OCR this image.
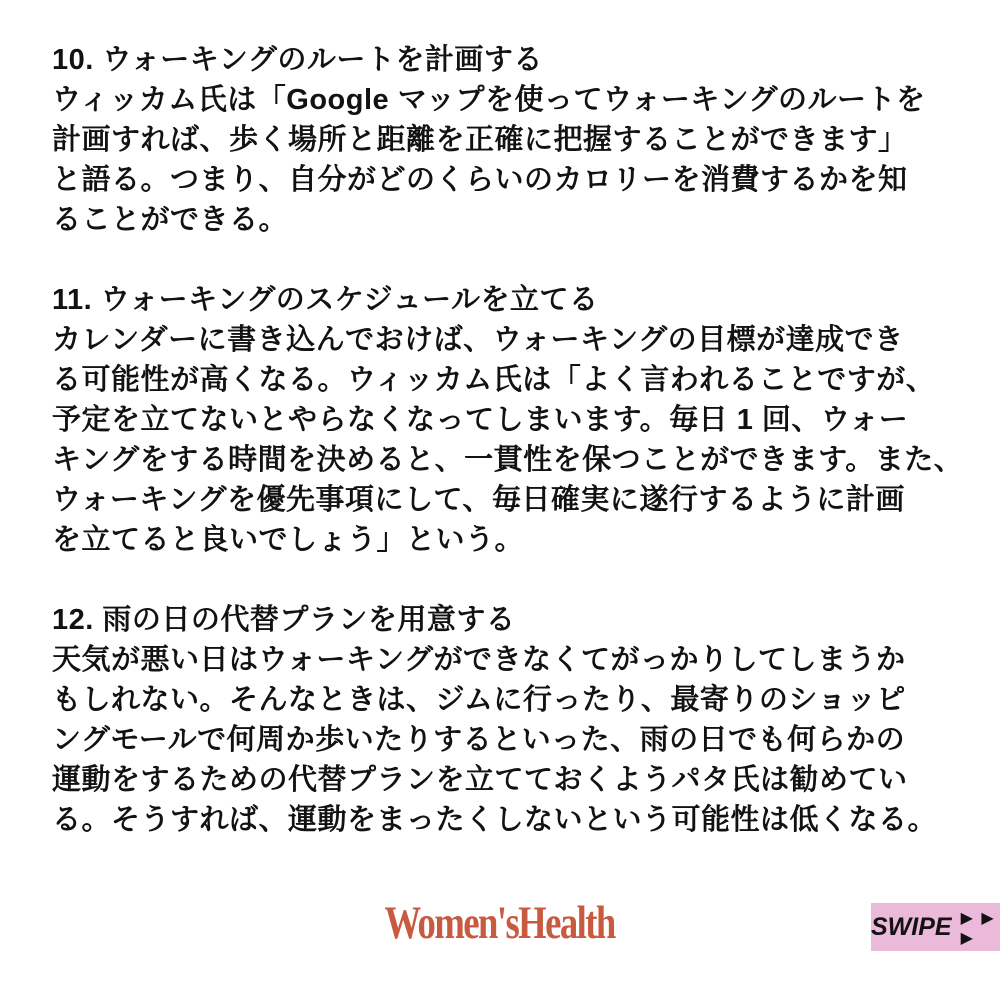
10. ウォーキングのルートを計画する
ウィッカム氏は「Google マップを使ってウォーキングのルートを
計画すれば、歩く場所と距離を正確に把握することができます」
と語る。つまり、自分がどのくらいのカロリーを消費するかを知
ることができる。
11. ウォーキングのスケジュールを立てる
カレンダーに書き込んでおけば、ウォーキングの目標が達成でき
る可能性が高くなる。ウィッカム氏は「よく言われることですが、
予定を立てないとやらなくなってしまいます。毎日 1 回、ウォー
キングをする時間を決めると、一貫性を保つことができます。また、
ウォーキングを優先事項にして、毎日確実に遂行するように計画
を立てると良いでしょう」という。
12. 雨の日の代替プランを用意する
天気が悪い日はウォーキングができなくてがっかりしてしまうか
もしれない。そんなときは、ジムに行ったり、最寄りのショッピ
ングモールで何周か歩いたりするといった、雨の日でも何らかの
運動をするための代替プランを立てておくようパタ氏は勧めてい
る。そうすれば、運動をまったくしないという可能性は低くなる。
Women'sHealth	SWIPE ▶ ▶ ▶
